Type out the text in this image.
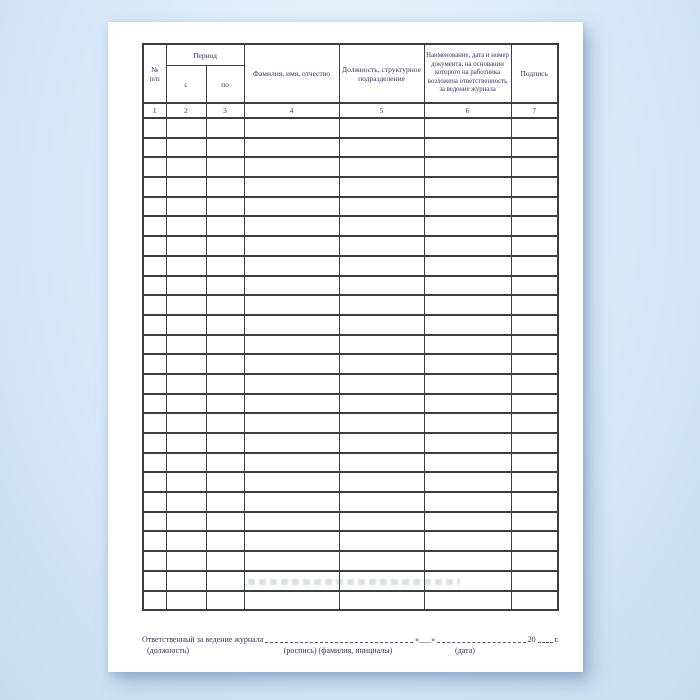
№ п/п	Период		Фамилия, имя, отчество	Должность, структурное подразделение	Наименование, дата и номер документа, на основании которого на работника возложена ответственность за ведение журнала	Подпись
	с	по				
1	2	3	4	5	6	7

Ответственный за ведение журнала	«___»	20 г.
(должность)	(роспись) (фамилия, инициалы)	(дата)
